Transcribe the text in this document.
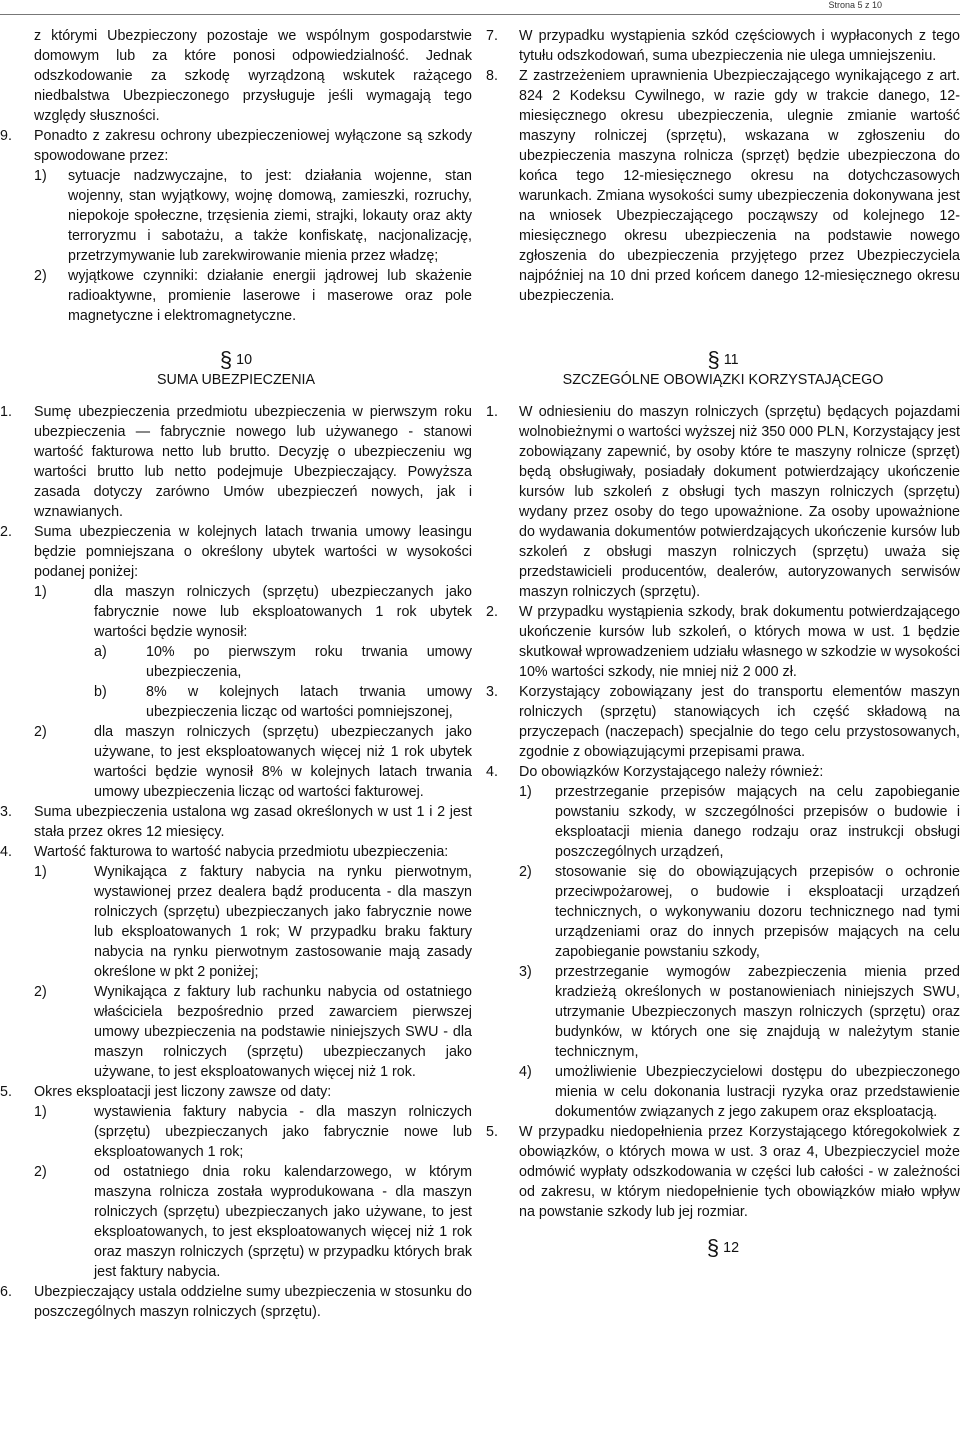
Strona 5 z 10

z którymi Ubezpieczony pozostaje we wspólnym gospodarstwie domowym lub za które ponosi odpowiedzialność. Jednak odszkodowanie za szkodę wyrządzoną wskutek rażącego niedbalstwa Ubezpieczonego przysługuje jeśli wymagają tego względy słuszności.

9. Ponadto z zakresu ochrony ubezpieczeniowej wyłączone są szkody spowodowane przez:

1) sytuacje nadzwyczajne, to jest: działania wojenne, stan wojenny, stan wyjątkowy, wojnę domową, zamieszki, rozruchy, niepokoje społeczne, trzęsienia ziemi, strajki, lokauty oraz akty terroryzmu i sabotażu, a także konfiskatę, nacjonalizację, przetrzymywanie lub zarekwirowanie mienia przez władzę;

2) wyjątkowe czynniki: działanie energii jądrowej lub skażenie radioaktywne, promienie laserowe i maserowe oraz pole magnetyczne i elektromagnetyczne.

§ 10
SUMA UBEZPIECZENIA
1. Sumę ubezpieczenia przedmiotu ubezpieczenia w pierwszym roku ubezpieczenia — fabrycznie nowego lub używanego - stanowi wartość fakturowa netto lub brutto. Decyzję o ubezpieczeniu wg wartości brutto lub netto podejmuje Ubezpieczający. Powyższa zasada dotyczy zarówno Umów ubezpieczeń nowych, jak i wznawianych.

2. Suma ubezpieczenia w kolejnych latach trwania umowy leasingu będzie pomniejszana o określony ubytek wartości w wysokości podanej poniżej:

1)	dla maszyn rolniczych (sprzętu) ubezpieczanych jako fabrycznie nowe lub eksploatowanych 1 rok ubytek wartości będzie wynosił:

a)	10% po pierwszym roku trwania umowy ubezpieczenia,

b)	8% w kolejnych latach trwania umowy ubezpieczenia licząc od wartości pomniejszonej,

2)	dla maszyn rolniczych (sprzętu) ubezpieczanych jako używane, to jest eksploatowanych więcej niż 1 rok ubytek wartości będzie wynosił 8% w kolejnych latach trwania umowy ubezpieczenia licząc od wartości fakturowej.

3. Suma ubezpieczenia ustalona wg zasad określonych w ust 1 i 2 jest stała przez okres 12 miesięcy.

4. Wartość fakturowa to wartość nabycia przedmiotu ubezpieczenia:

1)	Wynikająca z faktury nabycia na rynku pierwotnym, wystawionej przez dealera bądź producenta - dla maszyn rolniczych (sprzętu) ubezpieczanych jako fabrycznie nowe lub eksploatowanych 1 rok; W przypadku braku faktury nabycia na rynku pierwotnym zastosowanie mają zasady określone w pkt 2 poniżej;

2)	Wynikająca z faktury lub rachunku nabycia od ostatniego właściciela bezpośrednio przed zawarciem pierwszej umowy ubezpieczenia na podstawie niniejszych SWU - dla maszyn rolniczych (sprzętu) ubezpieczanych jako używane, to jest eksploatowanych więcej niż 1 rok.

5. Okres eksploatacji jest liczony zawsze od daty:

1)	wystawienia faktury nabycia - dla maszyn rolniczych (sprzętu) ubezpieczanych jako fabrycznie nowe lub eksploatowanych 1 rok;

2)	od ostatniego dnia roku kalendarzowego, w którym maszyna rolnicza została wyprodukowana - dla maszyn rolniczych (sprzętu) ubezpieczanych jako używane, to jest eksploatowanych, to jest eksploatowanych więcej niż 1 rok oraz maszyn rolniczych (sprzętu) w przypadku których brak jest faktury nabycia.

6. Ubezpieczający ustala oddzielne sumy ubezpieczenia w stosunku do poszczególnych maszyn rolniczych (sprzętu).

7. W przypadku wystąpienia szkód częściowych i wypłaconych z tego tytułu odszkodowań, suma ubezpieczenia nie ulega umniejszeniu.

8. Z zastrzeżeniem uprawnienia Ubezpieczającego wynikającego z art. 824 2 Kodeksu Cywilnego, w razie gdy w trakcie danego, 12-miesięcznego okresu ubezpieczenia, ulegnie zmianie wartość maszyny rolniczej (sprzętu), wskazana w zgłoszeniu do ubezpieczenia maszyna rolnicza (sprzęt) będzie ubezpieczona do końca tego 12-miesięcznego okresu na dotychczasowych warunkach. Zmiana wysokości sumy ubezpieczenia dokonywana jest na wniosek Ubezpieczającego począwszy od kolejnego 12-miesięcznego okresu ubezpieczenia na podstawie nowego zgłoszenia do ubezpieczenia przyjętego przez Ubezpieczyciela najpóźniej na 10 dni przed końcem danego 12-miesięcznego okresu ubezpieczenia.

§ 11
SZCZEGÓLNE OBOWIĄZKI KORZYSTAJĄCEGO
1. W odniesieniu do maszyn rolniczych (sprzętu) będących pojazdami wolnobieżnymi o wartości wyższej niż 350 000 PLN, Korzystający jest zobowiązany zapewnić, by osoby które te maszyny rolnicze (sprzęt) będą obsługiwały, posiadały dokument potwierdzający ukończenie kursów lub szkoleń z obsługi tych maszyn rolniczych (sprzętu) wydany przez osoby do tego upoważnione. Za osoby upoważnione do wydawania dokumentów potwierdzających ukończenie kursów lub szkoleń z obsługi maszyn rolniczych (sprzętu) uważa się przedstawicieli producentów, dealerów, autoryzowanych serwisów maszyn rolniczych (sprzętu).

2. W przypadku wystąpienia szkody, brak dokumentu potwierdzającego ukończenie kursów lub szkoleń, o których mowa w ust. 1 będzie skutkował wprowadzeniem udziału własnego w szkodzie w wysokości 10% wartości szkody, nie mniej niż 2 000 zł.

3. Korzystający zobowiązany jest do transportu elementów maszyn rolniczych (sprzętu) stanowiących ich część składową na przyczepach (naczepach) specjalnie do tego celu przystosowanych, zgodnie z obowiązującymi przepisami prawa.

4. Do obowiązków Korzystającego należy również:

1) przestrzeganie przepisów mających na celu zapobieganie powstaniu szkody, w szczególności przepisów o budowie i eksploatacji mienia danego rodzaju oraz instrukcji obsługi poszczególnych urządzeń,

2) stosowanie się do obowiązujących przepisów o ochronie przeciwpożarowej, o budowie i eksploatacji urządzeń technicznych, o wykonywaniu dozoru technicznego nad tymi urządzeniami oraz do innych przepisów mających na celu zapobieganie powstaniu szkody,

3) przestrzeganie wymogów zabezpieczenia mienia przed kradzieżą określonych w postanowieniach niniejszych SWU, utrzymanie Ubezpieczonych maszyn rolniczych (sprzętu) oraz budynków, w których one się znajdują w należytym stanie technicznym,

4) umożliwienie Ubezpieczycielowi dostępu do ubezpieczonego mienia w celu dokonania lustracji ryzyka oraz przedstawienie dokumentów związanych z jego zakupem oraz eksploatacją.

5. W przypadku niedopełnienia przez Korzystającego któregokolwiek z obowiązków, o których mowa w ust. 3 oraz 4, Ubezpieczyciel może odmówić wypłaty odszkodowania w części lub całości - w zależności od zakresu, w którym niedopełnienie tych obowiązków miało wpływ na powstanie szkody lub jej rozmiar.

§ 12
